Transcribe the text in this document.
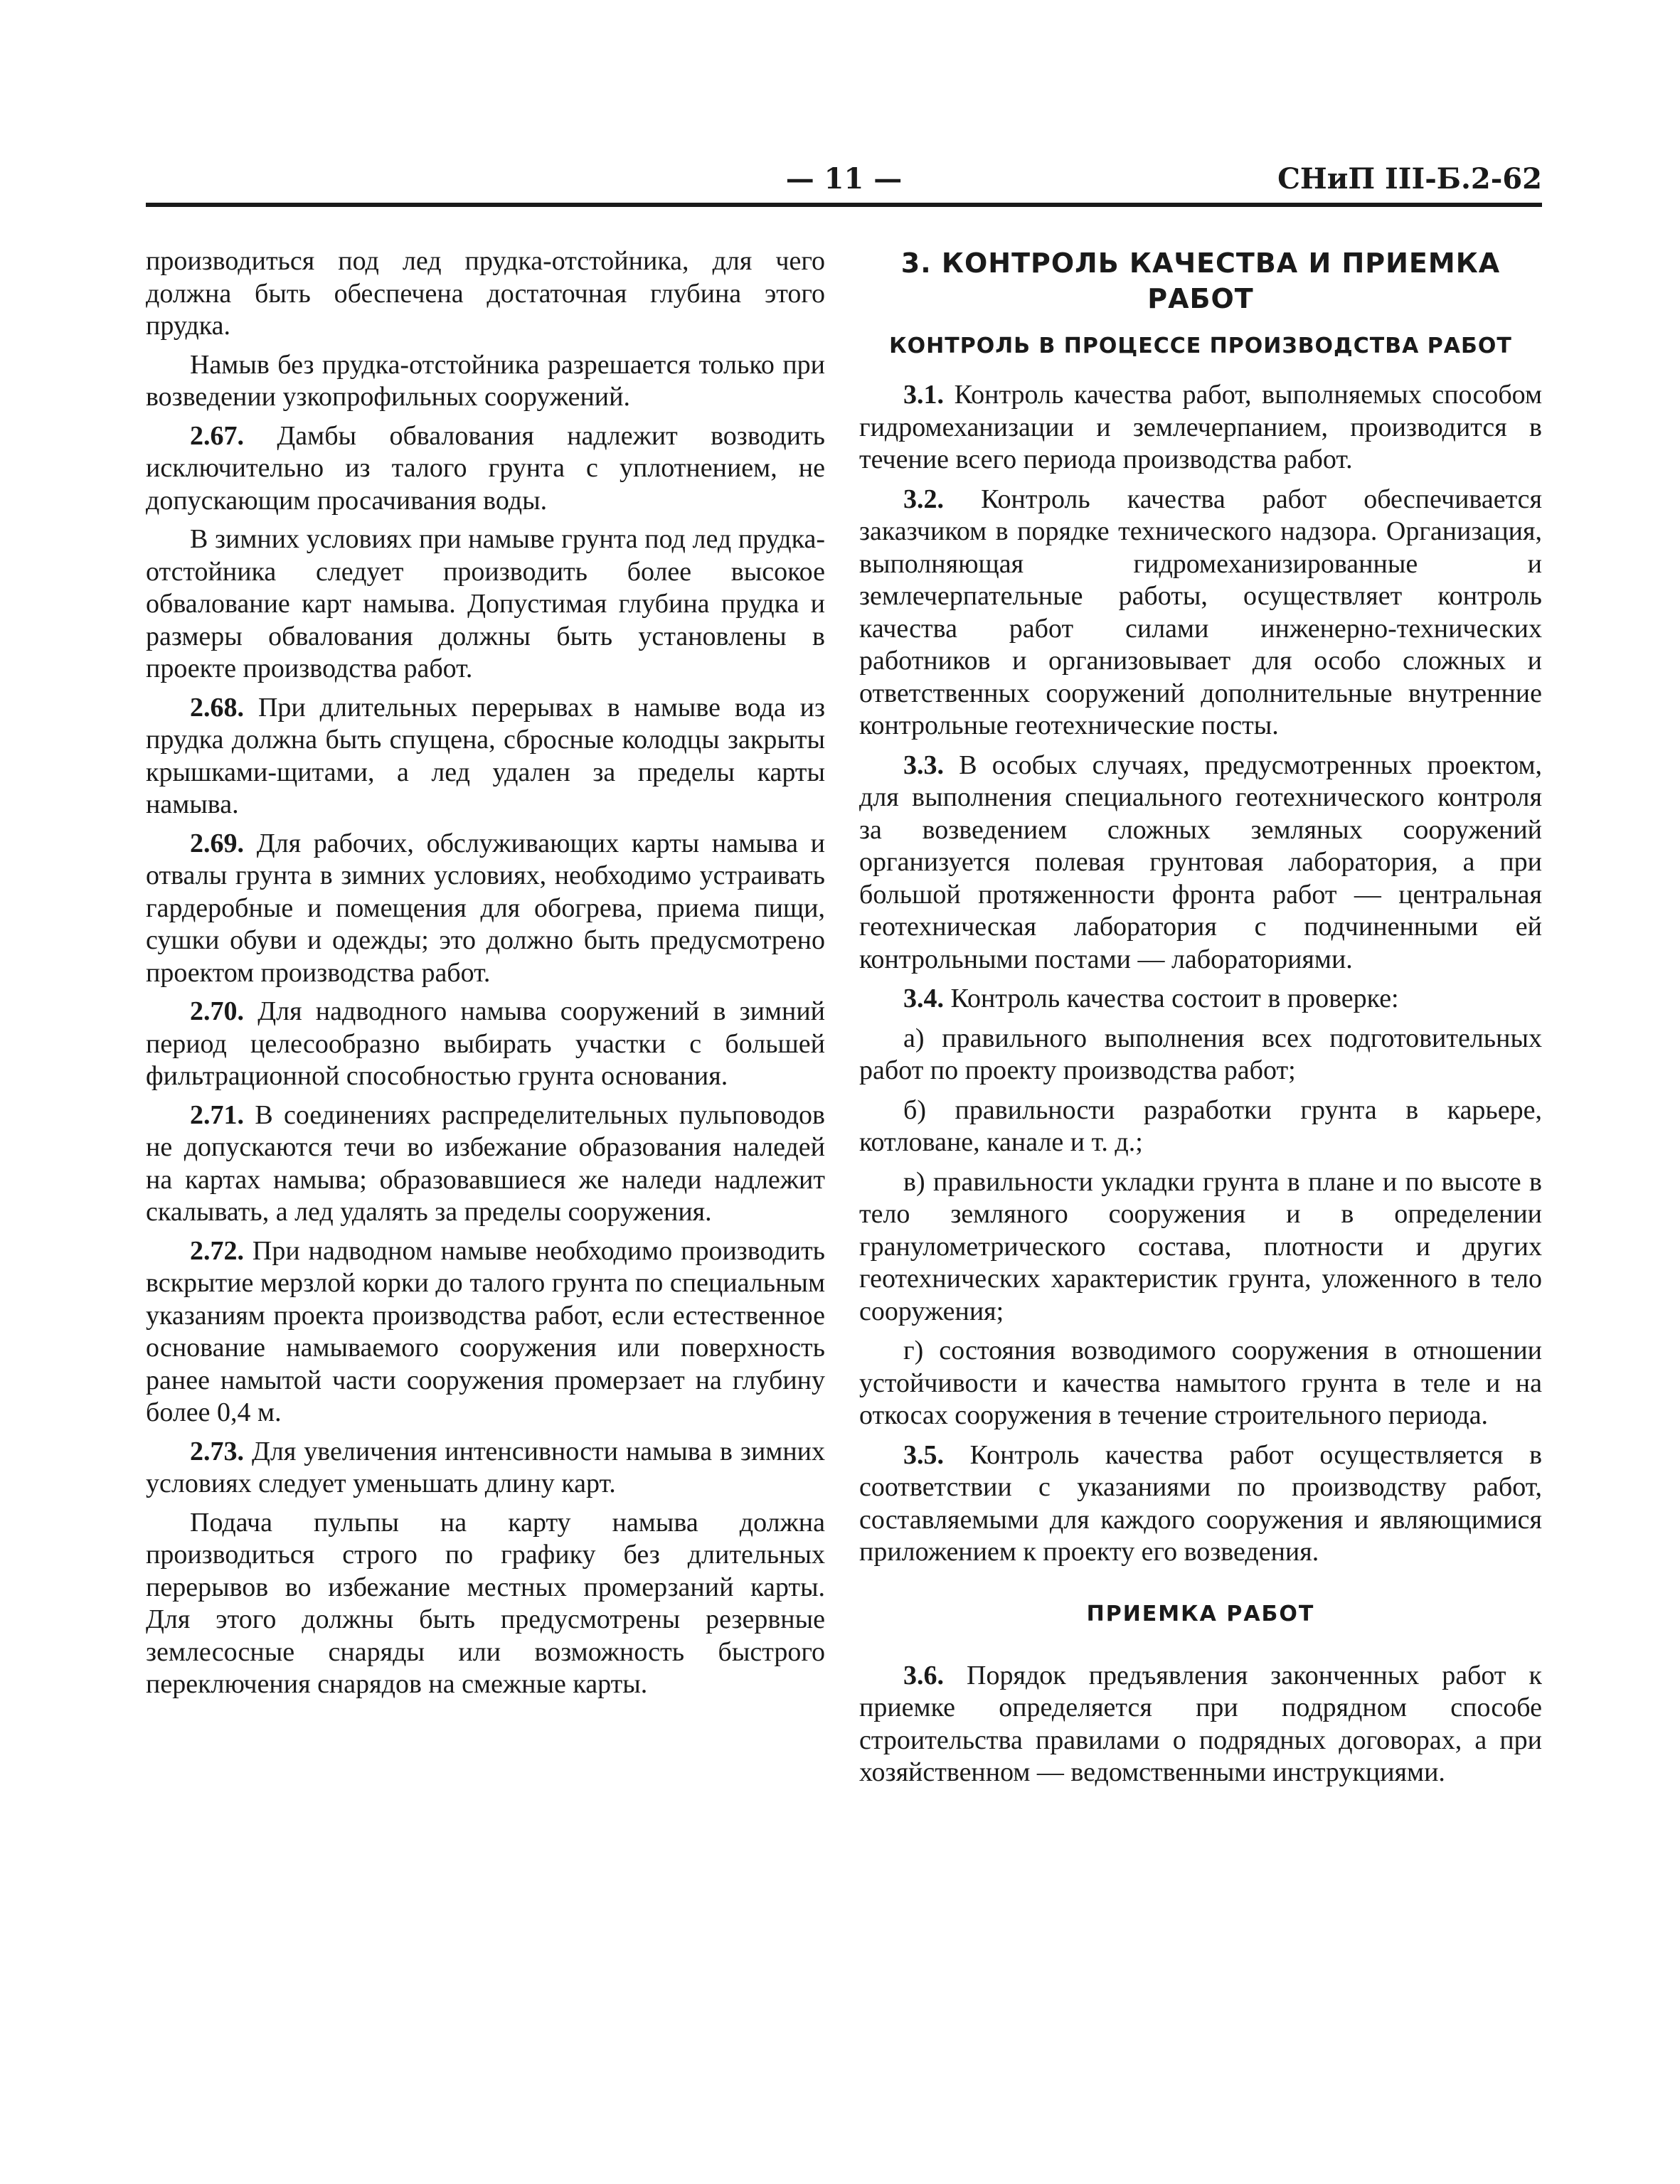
— 11 —	СНиП III-Б.2-62

производиться под лед прудка-отстойника, для чего должна быть обеспечена достаточная глубина этого прудка.

Намыв без прудка-отстойника разрешается только при возведении узкопрофильных сооружений.

2.67. Дамбы обвалования надлежит возводить исключительно из талого грунта с уплотнением, не допускающим просачивания воды.

В зимних условиях при намыве грунта под лед прудка-отстойника следует производить более высокое обвалование карт намыва. Допустимая глубина прудка и размеры обвалования должны быть установлены в проекте производства работ.

2.68. При длительных перерывах в намыве вода из прудка должна быть спущена, сбросные колодцы закрыты крышками-щитами, а лед удален за пределы карты намыва.

2.69. Для рабочих, обслуживающих карты намыва и отвалы грунта в зимних условиях, необходимо устраивать гардеробные и помещения для обогрева, приема пищи, сушки обуви и одежды; это должно быть предусмотрено проектом производства работ.

2.70. Для надводного намыва сооружений в зимний период целесообразно выбирать участки с большей фильтрационной способностью грунта основания.

2.71. В соединениях распределительных пульповодов не допускаются течи во избежание образования наледей на картах намыва; образовавшиеся же наледи надлежит скалывать, а лед удалять за пределы сооружения.

2.72. При надводном намыве необходимо производить вскрытие мерзлой корки до талого грунта по специальным указаниям проекта производства работ, если естественное основание намываемого сооружения или поверхность ранее намытой части сооружения промерзает на глубину более 0,4 м.

2.73. Для увеличения интенсивности намыва в зимних условиях следует уменьшать длину карт.

Подача пульпы на карту намыва должна производиться строго по графику без длительных перерывов во избежание местных промерзаний карты. Для этого должны быть предусмотрены резервные землесосные снаряды или возможность быстрого переключения снарядов на смежные карты.

3. КОНТРОЛЬ КАЧЕСТВА И ПРИЕМКА
РАБОТ
КОНТРОЛЬ В ПРОЦЕССЕ ПРОИЗВОДСТВА РАБОТ

3.1. Контроль качества работ, выполняемых способом гидромеханизации и землечерпанием, производится в течение всего периода производства работ.

3.2. Контроль качества работ обеспечивается заказчиком в порядке технического надзора. Организация, выполняющая гидромеханизированные и землечерпательные работы, осуществляет контроль качества работ силами инженерно-технических работников и организовывает для особо сложных и ответственных сооружений дополнительные внутренние контрольные геотехнические посты.

3.3. В особых случаях, предусмотренных проектом, для выполнения специального геотехнического контроля за возведением сложных земляных сооружений организуется полевая грунтовая лаборатория, а при большой протяженности фронта работ — центральная геотехническая лаборатория с подчиненными ей контрольными постами — лабораториями.

3.4. Контроль качества состоит в проверке:

а) правильного выполнения всех подготовительных работ по проекту производства работ;

б) правильности разработки грунта в карьере, котловане, канале и т. д.;

в) правильности укладки грунта в плане и по высоте в тело земляного сооружения и в определении гранулометрического состава, плотности и других геотехнических характеристик грунта, уложенного в тело сооружения;

г) состояния возводимого сооружения в отношении устойчивости и качества намытого грунта в теле и на откосах сооружения в течение строительного периода.

3.5. Контроль качества работ осуществляется в соответствии с указаниями по производству работ, составляемыми для каждого сооружения и являющимися приложением к проекту его возведения.

ПРИЕМКА РАБОТ

3.6. Порядок предъявления законченных работ к приемке определяется при подрядном способе строительства правилами о подрядных договорах, а при хозяйственном — ведомственными инструкциями.
